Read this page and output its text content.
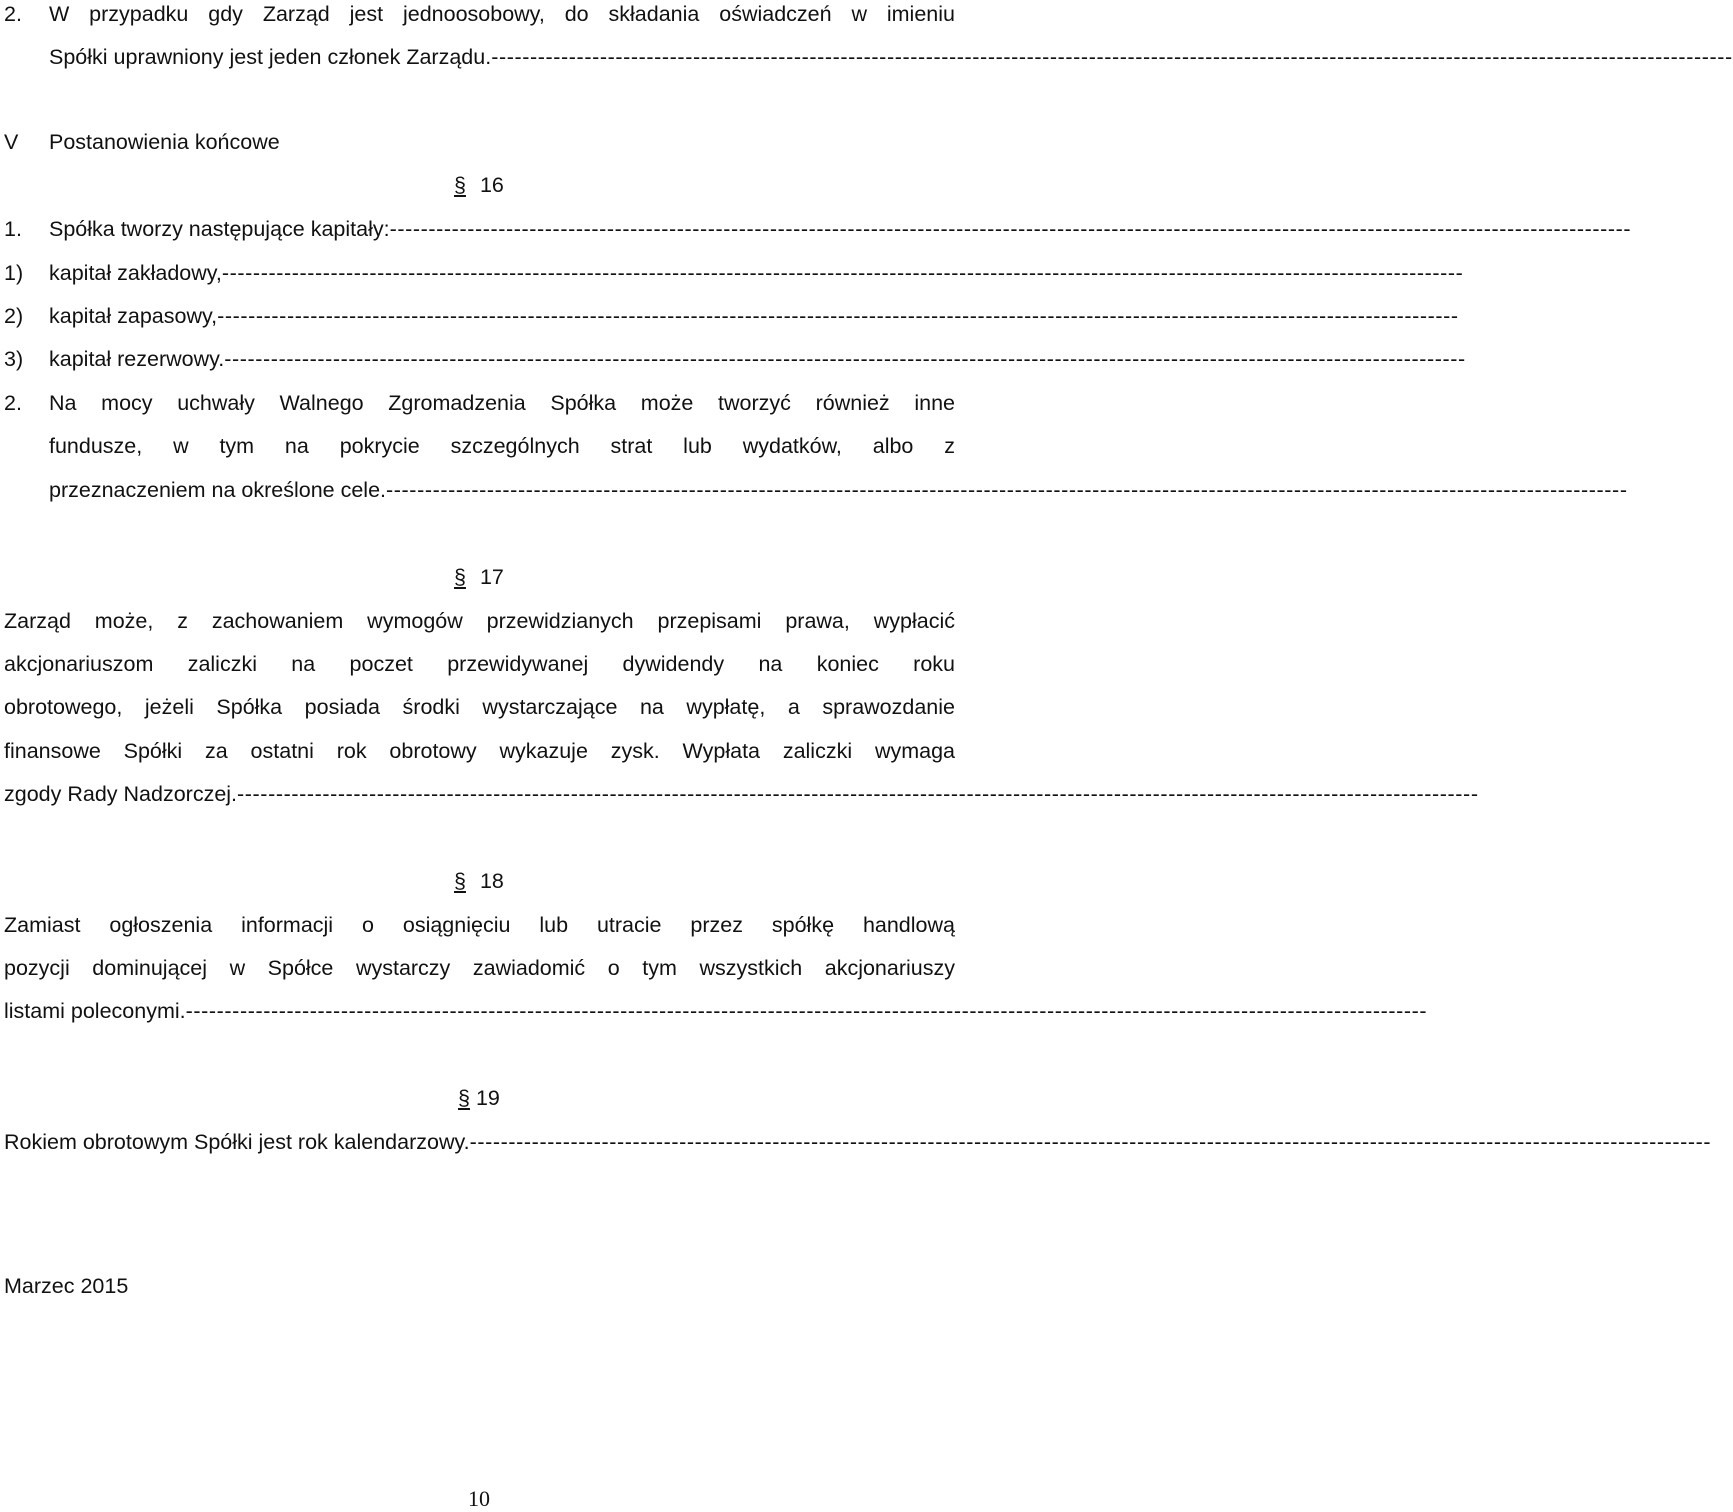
2. W przypadku gdy Zarząd jest jednoosobowy, do składania oświadczeń w imieniu
Spółki uprawniony jest jeden członek Zarządu. ----------------------------------------------------------------------------------------------------------------------------------------------------------------
V Postanowienia końcowe
§ 16
1. Spółka tworzy następujące kapitały: ----------------------------------------------------------------------------------------------------------------------------------------------------------------
1) kapitał zakładowy, ----------------------------------------------------------------------------------------------------------------------------------------------------------------
2) kapitał zapasowy, ----------------------------------------------------------------------------------------------------------------------------------------------------------------
3) kapitał rezerwowy. ----------------------------------------------------------------------------------------------------------------------------------------------------------------
2. Na mocy uchwały Walnego Zgromadzenia Spółka może tworzyć również inne
fundusze, w tym na pokrycie szczególnych strat lub wydatków, albo z
przeznaczeniem na określone cele. ----------------------------------------------------------------------------------------------------------------------------------------------------------------
§ 17
Zarząd może, z zachowaniem wymogów przewidzianych przepisami prawa, wypłacić
akcjonariuszom zaliczki na poczet przewidywanej dywidendy na koniec roku
obrotowego, jeżeli Spółka posiada środki wystarczające na wypłatę, a sprawozdanie
finansowe Spółki za ostatni rok obrotowy wykazuje zysk. Wypłata zaliczki wymaga
zgody Rady Nadzorczej. ----------------------------------------------------------------------------------------------------------------------------------------------------------------
§ 18
Zamiast ogłoszenia informacji o osiągnięciu lub utracie przez spółkę handlową
pozycji dominującej w Spółce wystarczy zawiadomić o tym wszystkich akcjonariuszy
listami poleconymi. ----------------------------------------------------------------------------------------------------------------------------------------------------------------
§ 19
Rokiem obrotowym Spółki jest rok kalendarzowy. ----------------------------------------------------------------------------------------------------------------------------------------------------------------
Marzec 2015
10
